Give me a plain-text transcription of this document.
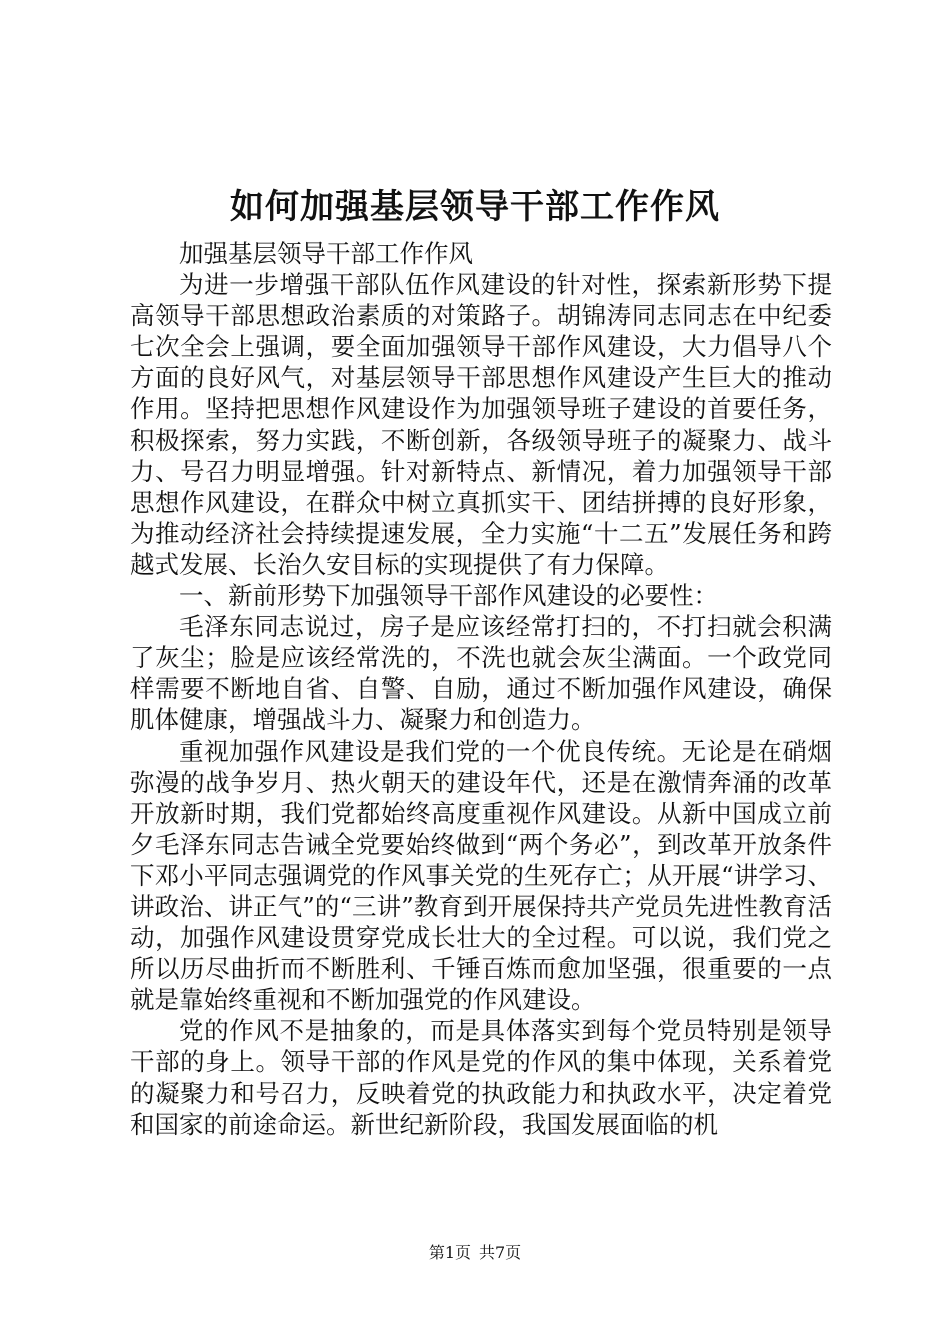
如何加强基层领导干部工作作风

加强基层领导干部工作作风

为进一步增强干部队伍作风建设的针对性，探索新形势下提高领导干部思想政治素质的对策路子。胡锦涛同志同志在中纪委七次全会上强调，要全面加强领导干部作风建设，大力倡导八个方面的良好风气，对基层领导干部思想作风建设产生巨大的推动作用。坚持把思想作风建设作为加强领导班子建设的首要任务，积极探索，努力实践，不断创新，各级领导班子的凝聚力、战斗力、号召力明显增强。针对新特点、新情况，着力加强领导干部思想作风建设，在群众中树立真抓实干、团结拼搏的良好形象，为推动经济社会持续提速发展，全力实施“十二五”发展任务和跨越式发展、长治久安目标的实现提供了有力保障。

一、新前形势下加强领导干部作风建设的必要性：

毛泽东同志说过，房子是应该经常打扫的，不打扫就会积满了灰尘；脸是应该经常洗的，不洗也就会灰尘满面。一个政党同样需要不断地自省、自警、自励，通过不断加强作风建设，确保肌体健康，增强战斗力、凝聚力和创造力。

重视加强作风建设是我们党的一个优良传统。无论是在硝烟弥漫的战争岁月、热火朝天的建设年代，还是在激情奔涌的改革开放新时期，我们党都始终高度重视作风建设。从新中国成立前夕毛泽东同志告诫全党要始终做到“两个务必”，到改革开放条件下邓小平同志强调党的作风事关党的生死存亡；从开展“讲学习、讲政治、讲正气”的“三讲”教育到开展保持共产党员先进性教育活动，加强作风建设贯穿党成长壮大的全过程。可以说，我们党之所以历尽曲折而不断胜利、千锤百炼而愈加坚强，很重要的一点就是靠始终重视和不断加强党的作风建设。

党的作风不是抽象的，而是具体落实到每个党员特别是领导干部的身上。领导干部的作风是党的作风的集中体现，关系着党的凝聚力和号召力，反映着党的执政能力和执政水平，决定着党和国家的前途命运。新世纪新阶段，我国发展面临的机

第1页 共7页
